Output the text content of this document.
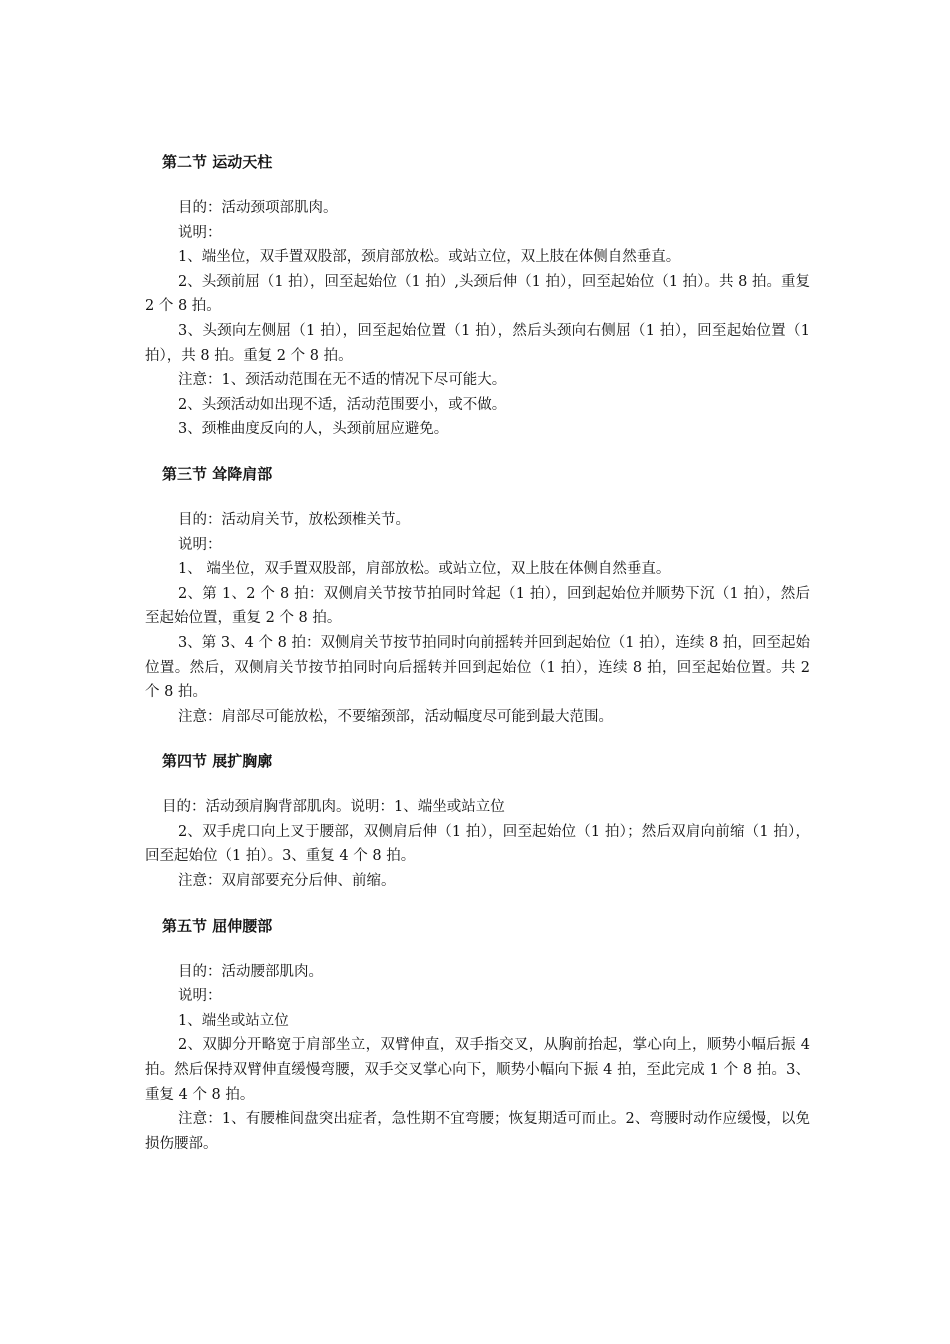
第二节 运动天柱

目的：活动颈项部肌肉。

说明：

1、端坐位，双手置双股部，颈肩部放松。或站立位，双上肢在体侧自然垂直。

2、头颈前屈（1 拍），回至起始位（1 拍）,头颈后伸（1 拍），回至起始位（1 拍）。共 8 拍。重复 2 个 8 拍。

3、头颈向左侧屈（1 拍），回至起始位置（1 拍），然后头颈向右侧屈（1 拍），回至起始位置（1 拍），共 8 拍。重复 2 个 8 拍。

注意：1、颈活动范围在无不适的情况下尽可能大。

2、头颈活动如出现不适，活动范围要小，或不做。

3、颈椎曲度反向的人，头颈前屈应避免。

第三节 耸降肩部

目的：活动肩关节，放松颈椎关节。

说明：

1、 端坐位，双手置双股部，肩部放松。或站立位，双上肢在体侧自然垂直。

2、第 1、2 个 8 拍：双侧肩关节按节拍同时耸起（1 拍），回到起始位并顺势下沉（1 拍），然后至起始位置，重复 2 个 8 拍。

3、第 3、4 个 8 拍：双侧肩关节按节拍同时向前摇转并回到起始位（1 拍），连续 8 拍，回至起始位置。然后，双侧肩关节按节拍同时向后摇转并回到起始位（1 拍），连续 8 拍，回至起始位置。共 2 个 8 拍。

注意：肩部尽可能放松，不要缩颈部，活动幅度尽可能到最大范围。

第四节 展扩胸廓

目的：活动颈肩胸背部肌肉。说明：1、端坐或站立位

2、双手虎口向上叉于腰部，双侧肩后伸（1 拍），回至起始位（1 拍）；然后双肩向前缩（1 拍），回至起始位（1 拍）。3、重复 4 个 8 拍。

注意：双肩部要充分后伸、前缩。

第五节 屈伸腰部

目的：活动腰部肌肉。

说明：

1、端坐或站立位

2、双脚分开略宽于肩部坐立，双臂伸直，双手指交叉，从胸前抬起，掌心向上，顺势小幅后振 4 拍。然后保持双臂伸直缓慢弯腰，双手交叉掌心向下，顺势小幅向下振 4 拍，至此完成 1 个 8 拍。3、重复 4 个 8 拍。

注意：1、有腰椎间盘突出症者，急性期不宜弯腰；恢复期适可而止。2、弯腰时动作应缓慢，以免损伤腰部。
